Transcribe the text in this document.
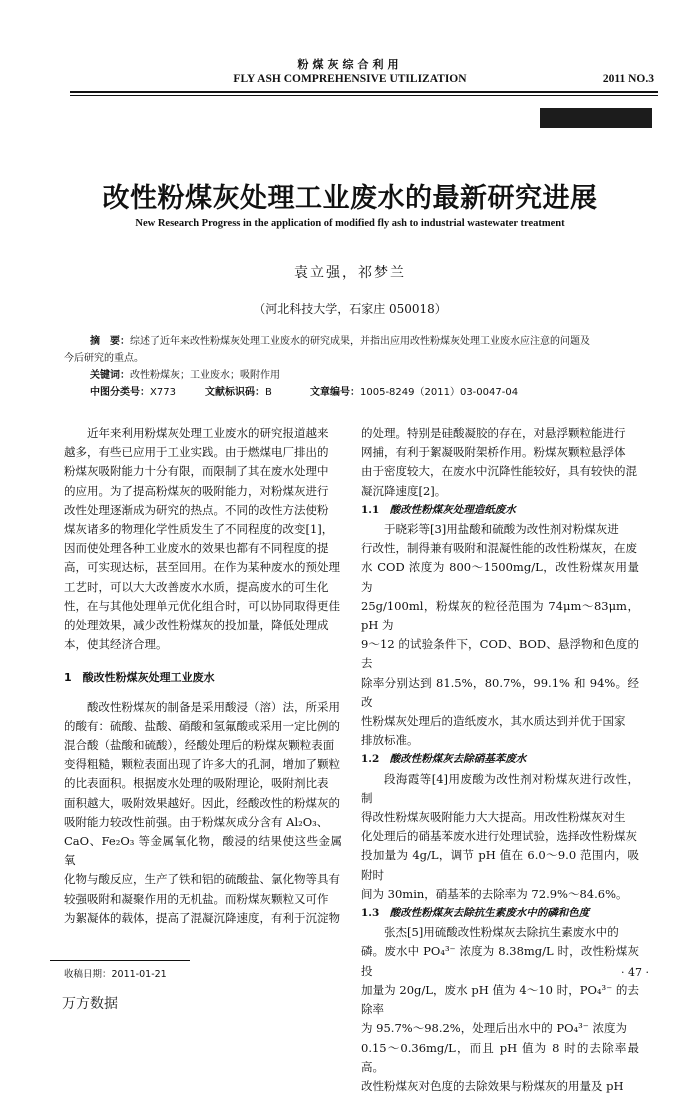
粉煤灰综合利用
FLY ASH COMPREHENSIVE UTILIZATION	2011 NO.3
改性粉煤灰处理工业废水的最新研究进展
New Research Progress in the application of modified fly ash to industrial wastewater treatment
袁立强，祁梦兰
（河北科技大学，石家庄 050018）
摘　要：综述了近年来改性粉煤灰处理工业废水的研究成果，并指出应用改性粉煤灰处理工业废水应注意的问题及
今后研究的重点。
关键词：改性粉煤灰；工业废水；吸附作用
中图分类号：X773	文献标识码：B	文章编号：1005-8249（2011）03-0047-04

近年来利用粉煤灰处理工业废水的研究报道越来

越多，有些已应用于工业实践。由于燃煤电厂排出的
粉煤灰吸附能力十分有限，而限制了其在废水处理中
的应用。为了提高粉煤灰的吸附能力，对粉煤灰进行
改性处理逐渐成为研究的热点。不同的改性方法使粉
煤灰诸多的物理化学性质发生了不同程度的改变[1]，
因而使处理各种工业废水的效果也都有不同程度的提
高，可实现达标，甚至回用。在作为某种废水的预处理
工艺时，可以大大改善废水水质，提高废水的可生化
性，在与其他处理单元优化组合时，可以协同取得更佳
的处理效果，减少改性粉煤灰的投加量，降低处理成
本，使其经济合理。
1　酸改性粉煤灰处理工业废水

酸改性粉煤灰的制备是采用酸浸（溶）法，所采用

的酸有：硫酸、盐酸、硝酸和氢氟酸或采用一定比例的
混合酸（盐酸和硫酸），经酸处理后的粉煤灰颗粒表面
变得粗糙，颗粒表面出现了许多大的孔洞，增加了颗粒
的比表面积。根据废水处理的吸附理论，吸附剂比表
面积越大，吸附效果越好。因此，经酸改性的粉煤灰的
吸附能力较改性前强。由于粉煤灰成分含有 Al₂O₃、
CaO、Fe₂O₃ 等金属氧化物，酸浸的结果使这些金属氧
化物与酸反应，生产了铁和铝的硫酸盐、氯化物等具有
较强吸附和凝聚作用的无机盐。而粉煤灰颗粒又可作
为絮凝体的载体，提高了混凝沉降速度，有利于沉淀物
的处理。特别是硅酸凝胶的存在，对悬浮颗粒能进行
网捕，有利于絮凝吸附架桥作用。粉煤灰颗粒悬浮体
由于密度较大，在废水中沉降性能较好，具有较快的混
凝沉降速度[2]。
1.1　 酸改性粉煤灰处理造纸废水

于晓彩等[3]用盐酸和硫酸为改性剂对粉煤灰进

行改性，制得兼有吸附和混凝性能的改性粉煤灰，在废
水 COD 浓度为 800～1500mg/L，改性粉煤灰用量为
25g/100ml，粉煤灰的粒径范围为 74μm～83μm，pH 为
9～12 的试验条件下，COD、BOD、悬浮物和色度的去
除率分别达到 81.5%，80.7%，99.1% 和 94%。经改
性粉煤灰处理后的造纸废水，其水质达到并优于国家
排放标准。
1.2　 酸改性粉煤灰去除硝基苯废水

段海霞等[4]用废酸为改性剂对粉煤灰进行改性，制

得改性粉煤灰吸附能力大大提高。用改性粉煤灰对生
化处理后的硝基苯废水进行处理试验，选择改性粉煤灰
投加量为 4g/L，调节 pH 值在 6.0～9.0 范围内，吸附时
间为 30min，硝基苯的去除率为 72.9%～84.6%。
1.3　 酸改性粉煤灰去除抗生素废水中的磷和色度

张杰[5]用硫酸改性粉煤灰去除抗生素废水中的

磷。废水中 PO₄³⁻ 浓度为 8.38mg/L 时，改性粉煤灰投
加量为 20g/L，废水 pH 值为 4～10 时，PO₄³⁻ 的去除率
为 95.7%～98.2%，处理后出水中的 PO₄³⁻ 浓度为
0.15～0.36mg/L，而且 pH 值为 8 时的去除率最高。
改性粉煤灰对色度的去除效果与粉煤灰的用量及 pH
收稿日期：2011-01-21	· 47 ·
万方数据
